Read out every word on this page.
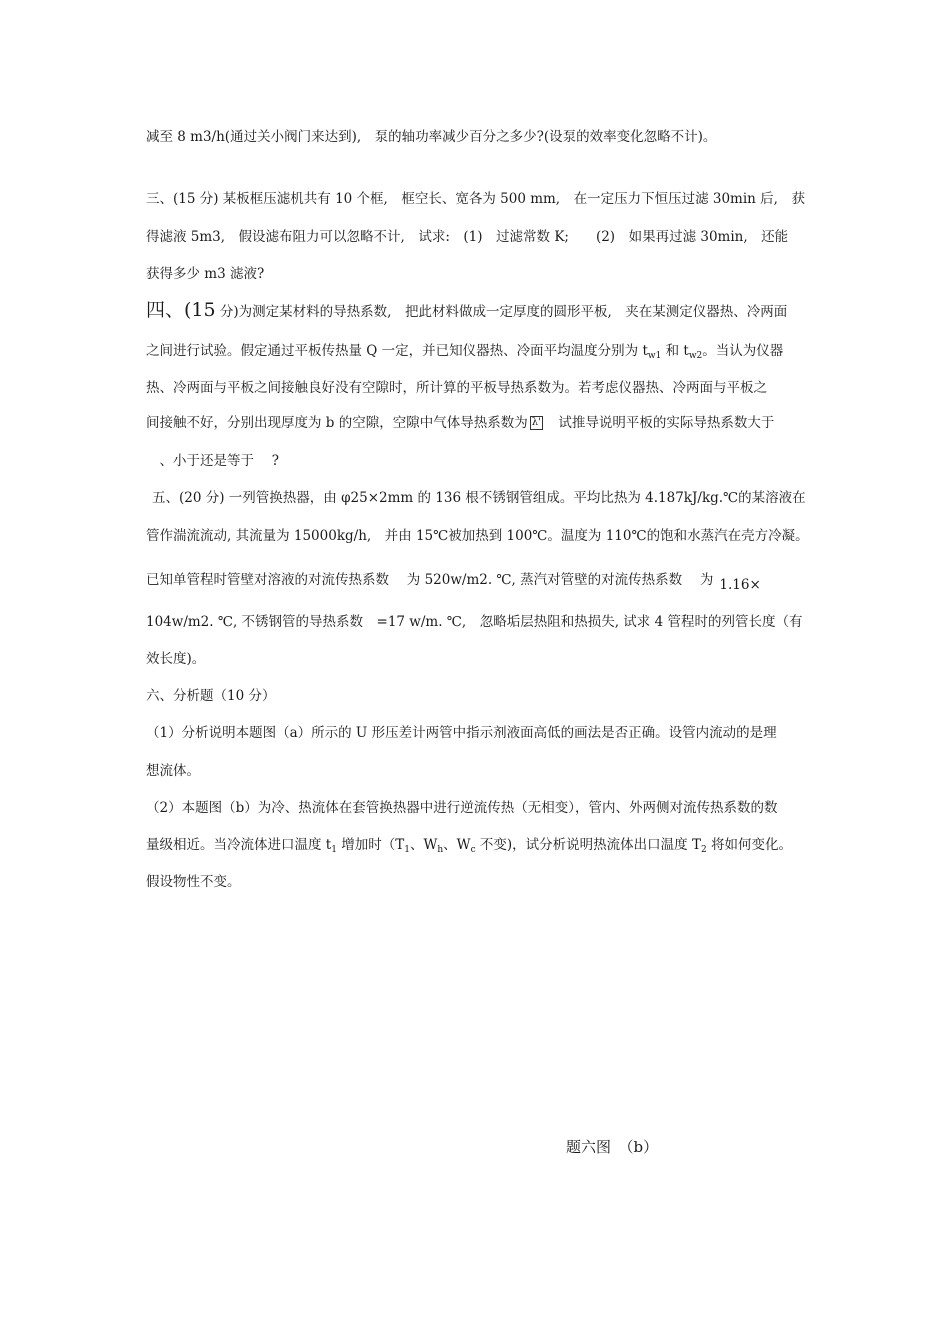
减至 8 m3/h(通过关小阀门来达到),　泵的轴功率减少百分之多少?(设泵的效率变化忽略不计)。
三、(15 分) 某板框压滤机共有 10 个框,　框空长、宽各为 500 mm,　在一定压力下恒压过滤 30min 后,　获
得滤液 5m3,　假设滤布阻力可以忽略不计,　试求:　(1)　过滤常数 K;　　(2)　如果再过滤 30min,　还能
获得多少 m3 滤液?
四、(15 分)为测定某材料的导热系数,　把此材料做成一定厚度的圆形平板,　夹在某测定仪器热、冷两面
之间进行试验。假定通过平板传热量 Q 一定，并已知仪器热、冷面平均温度分别为 $t_{w1}$ 和 $t_{w2}$。当认为仪器
热、冷两面与平板之间接触良好没有空隙时，所计算的平板导热系数为。若考虑仪器热、冷两面与平板之
间接触不好，分别出现厚度为 b 的空隙，空隙中气体导热系数为 λ'　试推导说明平板的实际导热系数大于
　、小于还是等于　 ?
五、(20 分) 一列管换热器，由 φ25×2mm 的 136 根不锈钢管组成。平均比热为 4.187kJ/kg.℃的某溶液在
管作湍流流动, 其流量为 15000kg/h,　并由 15℃被加热到 100℃。温度为 110℃的饱和水蒸汽在壳方冷凝。
已知单管程时管壁对溶液的对流传热系数　 为 520w/m2. ℃, 蒸汽对管壁的对流传热系数　 为 1.16×
104w/m2. ℃, 不锈钢管的导热系数　=17 w/m. ℃,　忽略垢层热阻和热损失, 试求 4 管程时的列管长度（有
效长度)。
六、分析题（10 分）
（1）分析说明本题图（a）所示的 U 形压差计两管中指示剂液面高低的画法是否正确。设管内流动的是理
想流体。
（2）本题图（b）为冷、热流体在套管换热器中进行逆流传热（无相变），管内、外两侧对流传热系数的数
量级相近。当冷流体进口温度 $t_1$ 增加时（$T_1$、$W_h$、$W_c$ 不变)，试分析说明热流体出口温度 $T_2$ 将如何变化。
假设物性不变。
题六图　（b）
